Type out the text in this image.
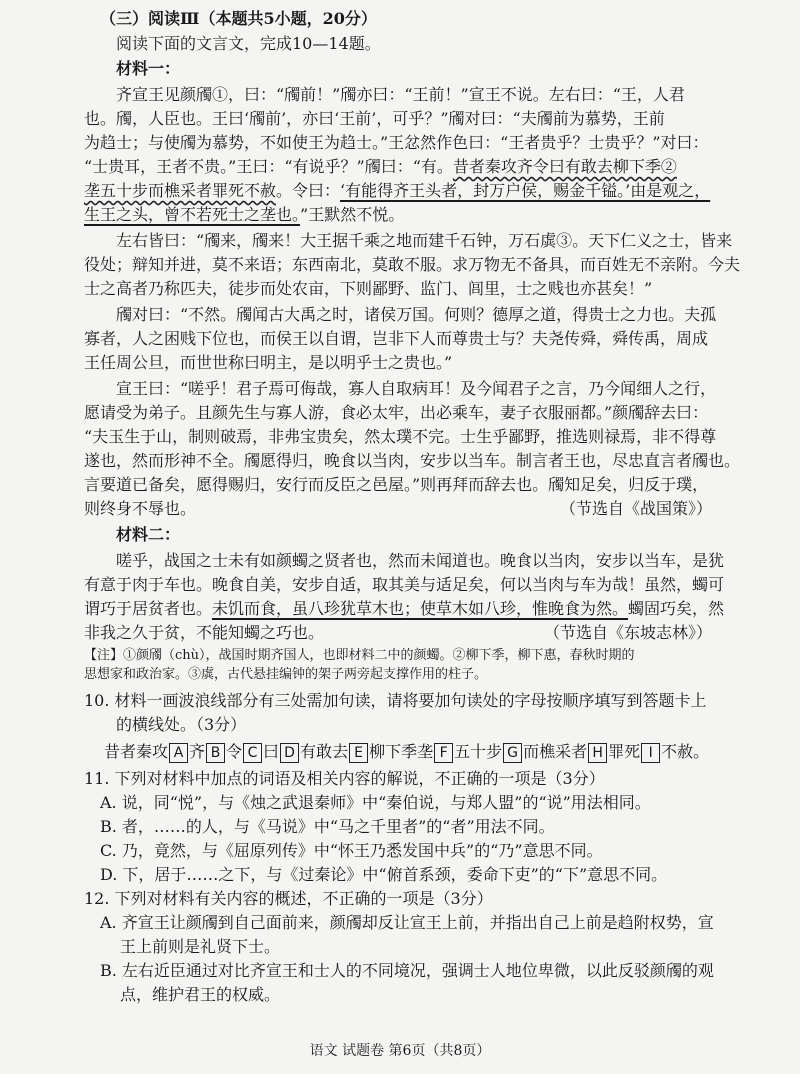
（三）阅读Ⅲ（本题共5小题，20分）
阅读下面的文言文，完成10—14题。
材料一：
齐宣王见颜斶①，曰：“斶前！”斶亦曰：“王前！”宣王不说。左右曰：“王，人君
也。斶，人臣也。王曰‘斶前’，亦曰‘王前’，可乎？”斶对曰：“夫斶前为慕势，王前
为趋士；与使斶为慕势，不如使王为趋士。”王忿然作色曰：“王者贵乎？士贵乎？”对曰：
“士贵耳，王者不贵。”王曰：“有说乎？”斶曰：“有。昔者秦攻齐令曰有敢去柳下季②
垄五十步而樵采者罪死不赦。令曰：‘有能得齐王头者，封万户侯，赐金千镒。’由是观之，
生王之头，曾不若死士之垄也。”王默然不悦。
左右皆曰：“斶来，斶来！大王据千乘之地而建千石钟，万石虡③。天下仁义之士，皆来
役处；辩知并进，莫不来语；东西南北，莫敢不服。求万物无不备具，而百姓无不亲附。今夫
士之高者乃称匹夫，徒步而处农亩，下则鄙野、监门、闾里，士之贱也亦甚矣！”
斶对曰：“不然。斶闻古大禹之时，诸侯万国。何则？德厚之道，得贵士之力也。夫孤
寡者，人之困贱下位也，而侯王以自谓，岂非下人而尊贵士与？夫尧传舜，舜传禹，周成
王任周公旦，而世世称曰明主，是以明乎士之贵也。”
宣王曰：“嗟乎！君子焉可侮哉，寡人自取病耳！及今闻君子之言，乃今闻细人之行，
愿请受为弟子。且颜先生与寡人游，食必太牢，出必乘车，妻子衣服丽都。”颜斶辞去曰：
“夫玉生于山，制则破焉，非弗宝贵矣，然太璞不完。士生乎鄙野，推选则禄焉，非不得尊
遂也，然而形神不全。斶愿得归，晚食以当肉，安步以当车。制言者王也，尽忠直言者斶也。
言要道已备矣，愿得赐归，安行而反臣之邑屋。”则再拜而辞去也。斶知足矣，归反于璞，
则终身不辱也。	（节选自《战国策》）
材料二：
嗟乎，战国之士未有如颜蠋之贤者也，然而未闻道也。晚食以当肉，安步以当车，是犹
有意于肉于车也。晚食自美，安步自适，取其美与适足矣，何以当肉与车为哉！虽然，蠋可
谓巧于居贫者也。未饥而食，虽八珍犹草木也；使草木如八珍，惟晚食为然。蠋固巧矣，然
非我之久于贫，不能知蠋之巧也。	（节选自《东坡志林》）
【注】①颜斶（chù），战国时期齐国人，也即材料二中的颜蠋。②柳下季，柳下惠，春秋时期的
思想家和政治家。③虡，古代悬挂编钟的架子两旁起支撑作用的柱子。
10. 材料一画波浪线部分有三处需加句读，请将要加句读处的字母按顺序填写到答题卡上
的横线处。（3分）
昔者秦攻 A 齐 B 令 C 曰 D 有敢去 E 柳下季垄 F 五十步 G 而樵采者 H 罪死 I 不赦。
11. 下列对材料中加点的词语及相关内容的解说，不正确的一项是（3分）
A. 说，同“悦”，与《烛之武退秦师》中“秦伯说，与郑人盟”的“说”用法相同。
B. 者，……的人，与《马说》中“马之千里者”的“者”用法不同。
C. 乃，竟然，与《屈原列传》中“怀王乃悉发国中兵”的“乃”意思不同。
D. 下，居于……之下，与《过秦论》中“俯首系颈，委命下吏”的“下”意思不同。
12. 下列对材料有关内容的概述，不正确的一项是（3分）
A. 齐宣王让颜斶到自己面前来，颜斶却反让宣王上前，并指出自己上前是趋附权势，宣
王上前则是礼贤下士。
B. 左右近臣通过对比齐宣王和士人的不同境况，强调士人地位卑微，以此反驳颜斶的观
点，维护君王的权威。
语文 试题卷 第6页（共8页）
